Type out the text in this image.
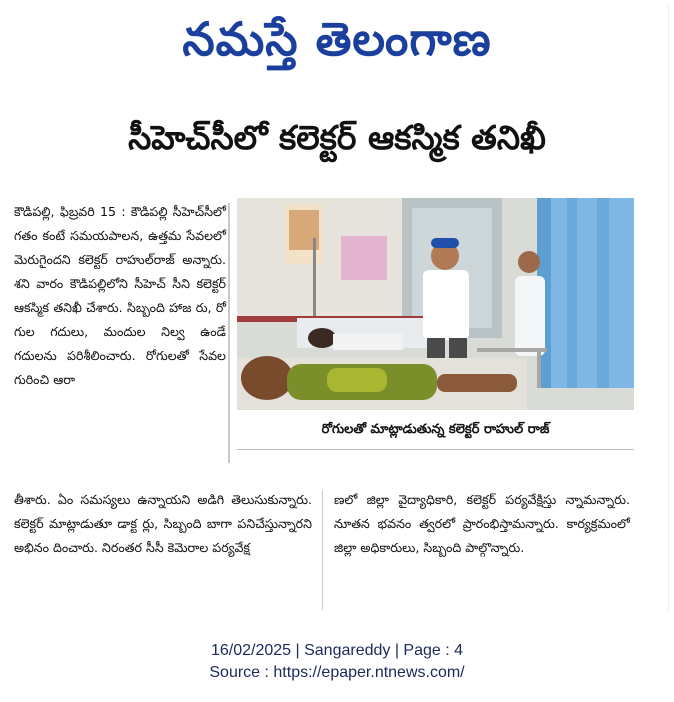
నమస్తే తెలంగాణ
సీహెచ్‌సీలో కలెక్టర్ ఆకస్మిక తనిఖీ

కౌడిపల్లి, ఫిబ్రవరి 15 : కౌడిపల్లి సీహెచ్‌సీలో గతం కంటే సమయపాలన, ఉత్తమ సేవలలో మెరుగైందని కలెక్టర్ రాహుల్‌రాజ్ అన్నారు. శని వారం కౌడిపల్లిలోని సీహెచ్ సీని కలెక్టర్ ఆకస్మిక తనిఖీ చేశారు. సిబ్బంది హాజ రు, రో గుల గదులు, మందుల నిల్వ ఉండే గదులను పరిశీలించారు. రోగులతో సేవల గురించి ఆరా

రోగులతో మాట్లాడుతున్న కలెక్టర్ రాహుల్ రాజ్

తీశారు. ఏం సమస్యలు ఉన్నాయని అడిగి తెలుసుకున్నారు. కలెక్టర్ మాట్లాడుతూ డాక్ట ర్లు, సిబ్బంది బాగా పనిచేస్తున్నారని అభినం దించారు. నిరంతర సీసీ కెమెరాల పర్యవేక్ష

ణలో జిల్లా వైద్యాధికారి, కలెక్టర్ పర్యవేక్షిస్తు న్నామన్నారు. నూతన భవనం త్వరలో ప్రారంభిస్తామన్నారు. కార్యక్రమంలో జిల్లా అధికారులు, సిబ్బంది పాల్గొన్నారు.

16/02/2025 | Sangareddy | Page : 4
Source : https://epaper.ntnews.com/
